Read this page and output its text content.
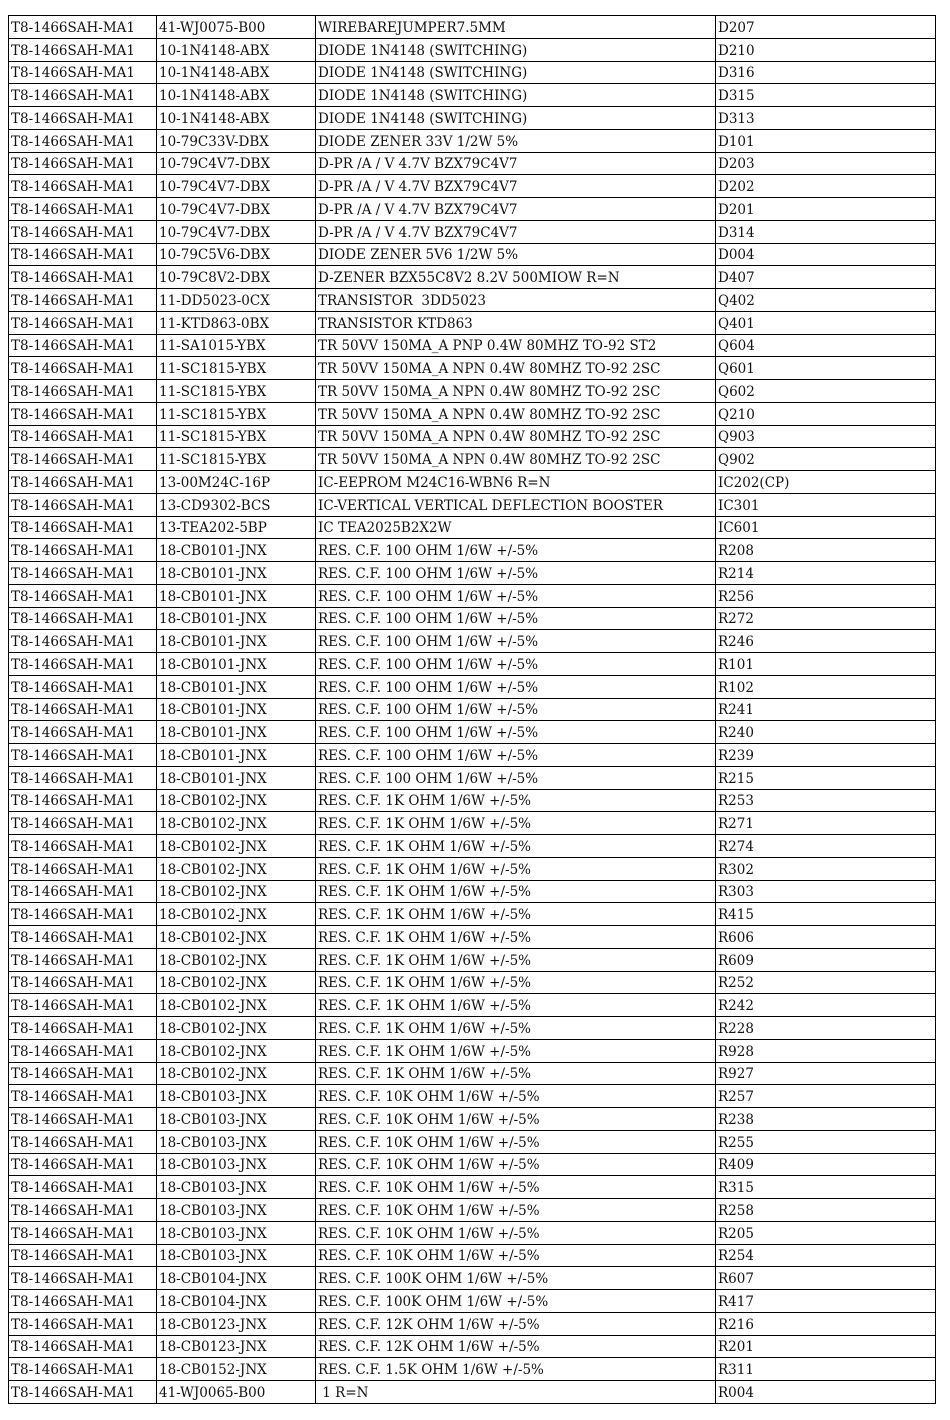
T8-1466SAH-MA1	41-WJ0075-B00	WIREBAREJUMPER7.5MM	D207
T8-1466SAH-MA1	10-1N4148-ABX	DIODE 1N4148 (SWITCHING)	D210
T8-1466SAH-MA1	10-1N4148-ABX	DIODE 1N4148 (SWITCHING)	D316
T8-1466SAH-MA1	10-1N4148-ABX	DIODE 1N4148 (SWITCHING)	D315
T8-1466SAH-MA1	10-1N4148-ABX	DIODE 1N4148 (SWITCHING)	D313
T8-1466SAH-MA1	10-79C33V-DBX	DIODE ZENER 33V 1/2W 5%	D101
T8-1466SAH-MA1	10-79C4V7-DBX	D-PR /A / V 4.7V BZX79C4V7	D203
T8-1466SAH-MA1	10-79C4V7-DBX	D-PR /A / V 4.7V BZX79C4V7	D202
T8-1466SAH-MA1	10-79C4V7-DBX	D-PR /A / V 4.7V BZX79C4V7	D201
T8-1466SAH-MA1	10-79C4V7-DBX	D-PR /A / V 4.7V BZX79C4V7	D314
T8-1466SAH-MA1	10-79C5V6-DBX	DIODE ZENER 5V6 1/2W 5%	D004
T8-1466SAH-MA1	10-79C8V2-DBX	D-ZENER BZX55C8V2 8.2V 500MIOW R=N	D407
T8-1466SAH-MA1	11-DD5023-0CX	TRANSISTOR  3DD5023	Q402
T8-1466SAH-MA1	11-KTD863-0BX	TRANSISTOR KTD863	Q401
T8-1466SAH-MA1	11-SA1015-YBX	TR 50VV 150MA_A PNP 0.4W 80MHZ TO-92 ST2	Q604
T8-1466SAH-MA1	11-SC1815-YBX	TR 50VV 150MA_A NPN 0.4W 80MHZ TO-92 2SC	Q601
T8-1466SAH-MA1	11-SC1815-YBX	TR 50VV 150MA_A NPN 0.4W 80MHZ TO-92 2SC	Q602
T8-1466SAH-MA1	11-SC1815-YBX	TR 50VV 150MA_A NPN 0.4W 80MHZ TO-92 2SC	Q210
T8-1466SAH-MA1	11-SC1815-YBX	TR 50VV 150MA_A NPN 0.4W 80MHZ TO-92 2SC	Q903
T8-1466SAH-MA1	11-SC1815-YBX	TR 50VV 150MA_A NPN 0.4W 80MHZ TO-92 2SC	Q902
T8-1466SAH-MA1	13-00M24C-16P	IC-EEPROM M24C16-WBN6 R=N	IC202(CP)
T8-1466SAH-MA1	13-CD9302-BCS	IC-VERTICAL VERTICAL DEFLECTION BOOSTER	IC301
T8-1466SAH-MA1	13-TEA202-5BP	IC TEA2025B2X2W	IC601
T8-1466SAH-MA1	18-CB0101-JNX	RES. C.F. 100 OHM 1/6W +/-5%	R208
T8-1466SAH-MA1	18-CB0101-JNX	RES. C.F. 100 OHM 1/6W +/-5%	R214
T8-1466SAH-MA1	18-CB0101-JNX	RES. C.F. 100 OHM 1/6W +/-5%	R256
T8-1466SAH-MA1	18-CB0101-JNX	RES. C.F. 100 OHM 1/6W +/-5%	R272
T8-1466SAH-MA1	18-CB0101-JNX	RES. C.F. 100 OHM 1/6W +/-5%	R246
T8-1466SAH-MA1	18-CB0101-JNX	RES. C.F. 100 OHM 1/6W +/-5%	R101
T8-1466SAH-MA1	18-CB0101-JNX	RES. C.F. 100 OHM 1/6W +/-5%	R102
T8-1466SAH-MA1	18-CB0101-JNX	RES. C.F. 100 OHM 1/6W +/-5%	R241
T8-1466SAH-MA1	18-CB0101-JNX	RES. C.F. 100 OHM 1/6W +/-5%	R240
T8-1466SAH-MA1	18-CB0101-JNX	RES. C.F. 100 OHM 1/6W +/-5%	R239
T8-1466SAH-MA1	18-CB0101-JNX	RES. C.F. 100 OHM 1/6W +/-5%	R215
T8-1466SAH-MA1	18-CB0102-JNX	RES. C.F. 1K OHM 1/6W +/-5%	R253
T8-1466SAH-MA1	18-CB0102-JNX	RES. C.F. 1K OHM 1/6W +/-5%	R271
T8-1466SAH-MA1	18-CB0102-JNX	RES. C.F. 1K OHM 1/6W +/-5%	R274
T8-1466SAH-MA1	18-CB0102-JNX	RES. C.F. 1K OHM 1/6W +/-5%	R302
T8-1466SAH-MA1	18-CB0102-JNX	RES. C.F. 1K OHM 1/6W +/-5%	R303
T8-1466SAH-MA1	18-CB0102-JNX	RES. C.F. 1K OHM 1/6W +/-5%	R415
T8-1466SAH-MA1	18-CB0102-JNX	RES. C.F. 1K OHM 1/6W +/-5%	R606
T8-1466SAH-MA1	18-CB0102-JNX	RES. C.F. 1K OHM 1/6W +/-5%	R609
T8-1466SAH-MA1	18-CB0102-JNX	RES. C.F. 1K OHM 1/6W +/-5%	R252
T8-1466SAH-MA1	18-CB0102-JNX	RES. C.F. 1K OHM 1/6W +/-5%	R242
T8-1466SAH-MA1	18-CB0102-JNX	RES. C.F. 1K OHM 1/6W +/-5%	R228
T8-1466SAH-MA1	18-CB0102-JNX	RES. C.F. 1K OHM 1/6W +/-5%	R928
T8-1466SAH-MA1	18-CB0102-JNX	RES. C.F. 1K OHM 1/6W +/-5%	R927
T8-1466SAH-MA1	18-CB0103-JNX	RES. C.F. 10K OHM 1/6W +/-5%	R257
T8-1466SAH-MA1	18-CB0103-JNX	RES. C.F. 10K OHM 1/6W +/-5%	R238
T8-1466SAH-MA1	18-CB0103-JNX	RES. C.F. 10K OHM 1/6W +/-5%	R255
T8-1466SAH-MA1	18-CB0103-JNX	RES. C.F. 10K OHM 1/6W +/-5%	R409
T8-1466SAH-MA1	18-CB0103-JNX	RES. C.F. 10K OHM 1/6W +/-5%	R315
T8-1466SAH-MA1	18-CB0103-JNX	RES. C.F. 10K OHM 1/6W +/-5%	R258
T8-1466SAH-MA1	18-CB0103-JNX	RES. C.F. 10K OHM 1/6W +/-5%	R205
T8-1466SAH-MA1	18-CB0103-JNX	RES. C.F. 10K OHM 1/6W +/-5%	R254
T8-1466SAH-MA1	18-CB0104-JNX	RES. C.F. 100K OHM 1/6W +/-5%	R607
T8-1466SAH-MA1	18-CB0104-JNX	RES. C.F. 100K OHM 1/6W +/-5%	R417
T8-1466SAH-MA1	18-CB0123-JNX	RES. C.F. 12K OHM 1/6W +/-5%	R216
T8-1466SAH-MA1	18-CB0123-JNX	RES. C.F. 12K OHM 1/6W +/-5%	R201
T8-1466SAH-MA1	18-CB0152-JNX	RES. C.F. 1.5K OHM 1/6W +/-5%	R311
T8-1466SAH-MA1	41-WJ0065-B00	1 R=N	R004
